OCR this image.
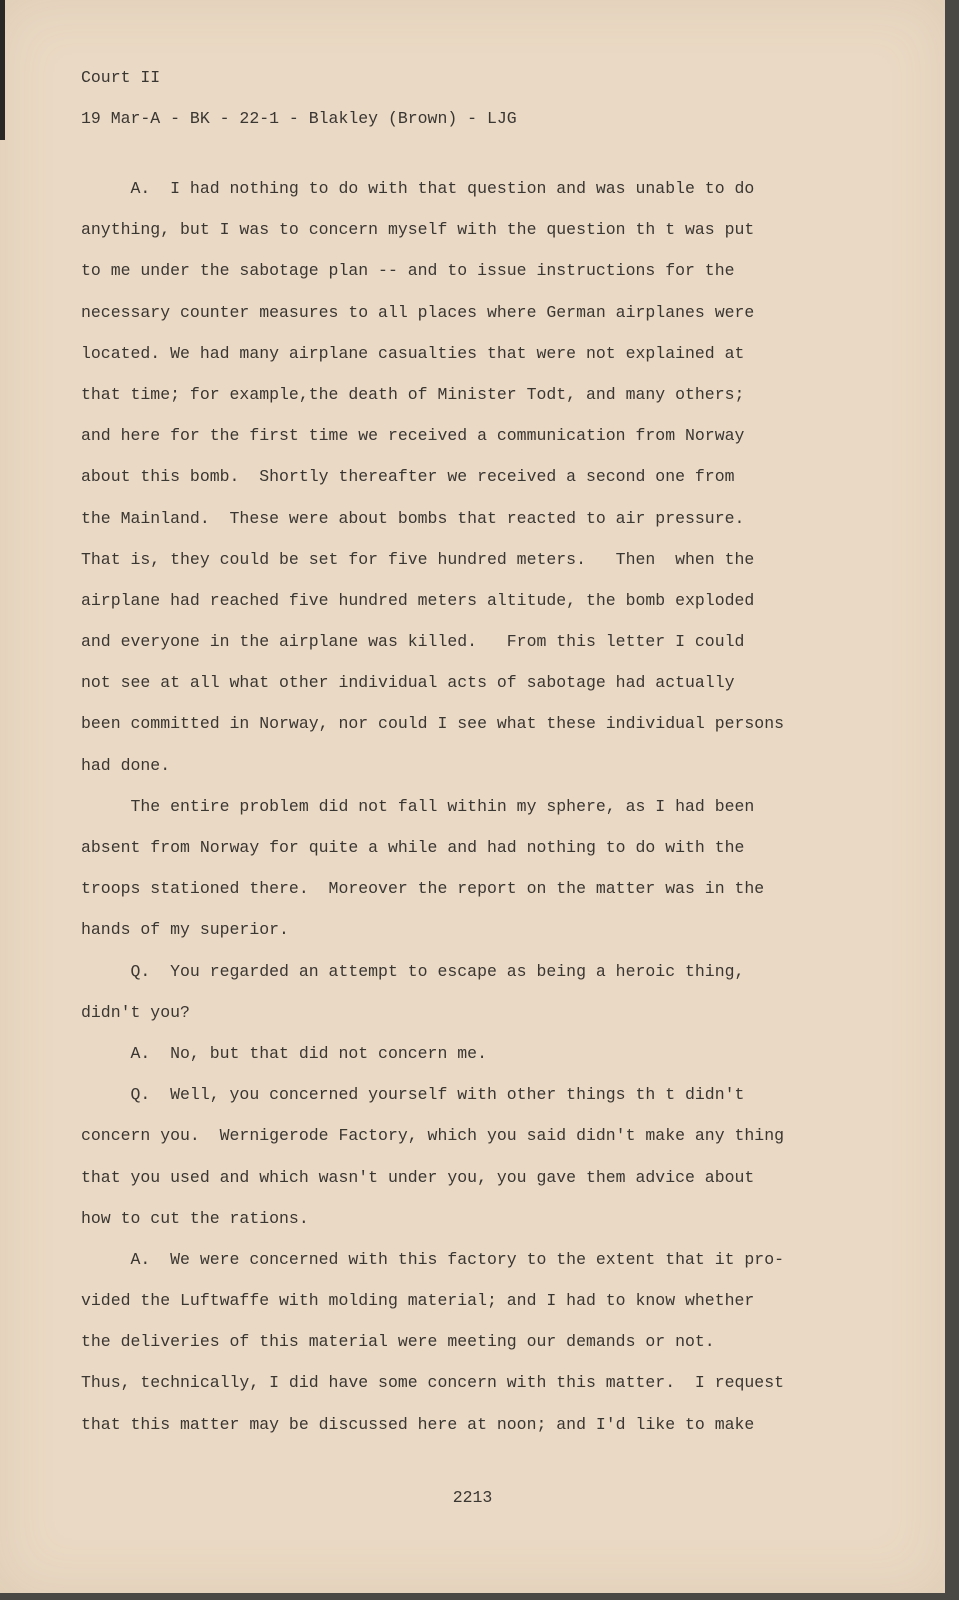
Court II
19 Mar-A - BK - 22-1 - Blakley (Brown) - LJG
A.  I had nothing to do with that question and was unable to do
anything, but I was to concern myself with the question th t was put
to me under the sabotage plan -- and to issue instructions for the
necessary counter measures to all places where German airplanes were
located. We had many airplane casualties that were not explained at
that time; for example,the death of Minister Todt, and many others;
and here for the first time we received a communication from Norway
about this bomb.  Shortly thereafter we received a second one from
the Mainland.  These were about bombs that reacted to air pressure.
That is, they could be set for five hundred meters.   Then  when the
airplane had reached five hundred meters altitude, the bomb exploded
and everyone in the airplane was killed.   From this letter I could
not see at all what other individual acts of sabotage had actually
been committed in Norway, nor could I see what these individual persons
had done.
The entire problem did not fall within my sphere, as I had been
absent from Norway for quite a while and had nothing to do with the
troops stationed there.  Moreover the report on the matter was in the
hands of my superior.
Q.  You regarded an attempt to escape as being a heroic thing,
didn't you?
A.  No, but that did not concern me.
Q.  Well, you concerned yourself with other things th t didn't
concern you.  Wernigerode Factory, which you said didn't make any thing
that you used and which wasn't under you, you gave them advice about
how to cut the rations.
A.  We were concerned with this factory to the extent that it pro-
vided the Luftwaffe with molding material; and I had to know whether
the deliveries of this material were meeting our demands or not.
Thus, technically, I did have some concern with this matter.  I request
that this matter may be discussed here at noon; and I'd like to make
2213
